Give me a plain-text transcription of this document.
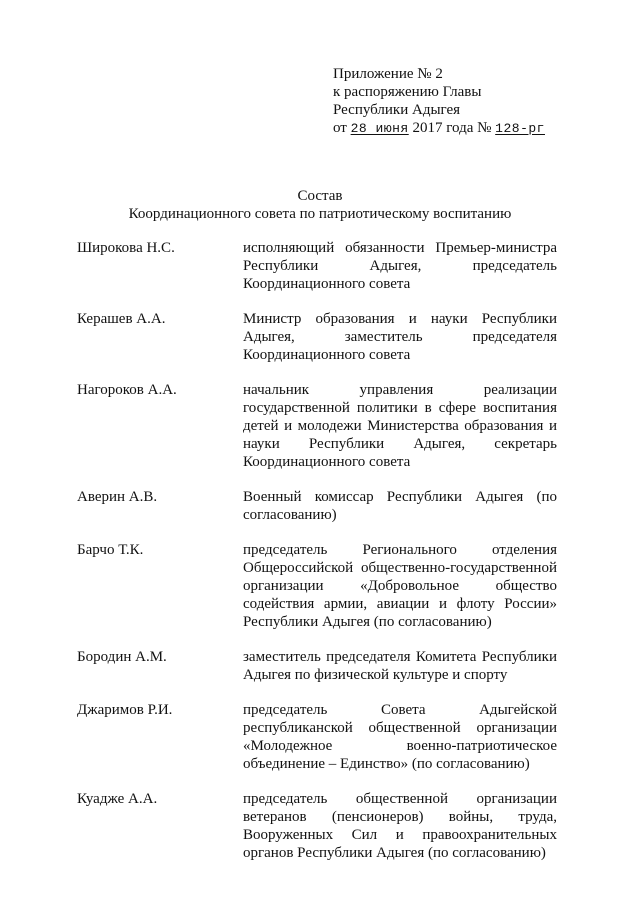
Приложение № 2
к распоряжению Главы
Республики Адыгея
от 28 июня 2017 года № 128-рг
Состав
Координационного совета по патриотическому воспитанию
Широкова Н.С.	исполняющий обязанности Премьер-министра
Республики Адыгея, председатель
Координационного совета
Керашев А.А.	Министр образования и науки Республики
Адыгея, заместитель председателя
Координационного совета
Нагороков А.А.	начальник управления реализации
государственной политики в сфере воспитания
детей и молодежи Министерства образования и
науки Республики Адыгея, секретарь
Координационного совета
Аверин А.В.	Военный комиссар Республики Адыгея (по
согласованию)
Барчо Т.К.	председатель Регионального отделения
Общероссийской общественно-государственной
организации «Добровольное общество
содействия армии, авиации и флоту России»
Республики Адыгея (по согласованию)
Бородин А.М.	заместитель председателя Комитета Республики
Адыгея по физической культуре и спорту
Джаримов Р.И.	председатель Совета Адыгейской
республиканской общественной организации
«Молодежное военно-патриотическое
объединение – Единство» (по согласованию)
Куадже А.А.	председатель общественной организации
ветеранов (пенсионеров) войны, труда,
Вооруженных Сил и правоохранительных
органов Республики Адыгея (по согласованию)
